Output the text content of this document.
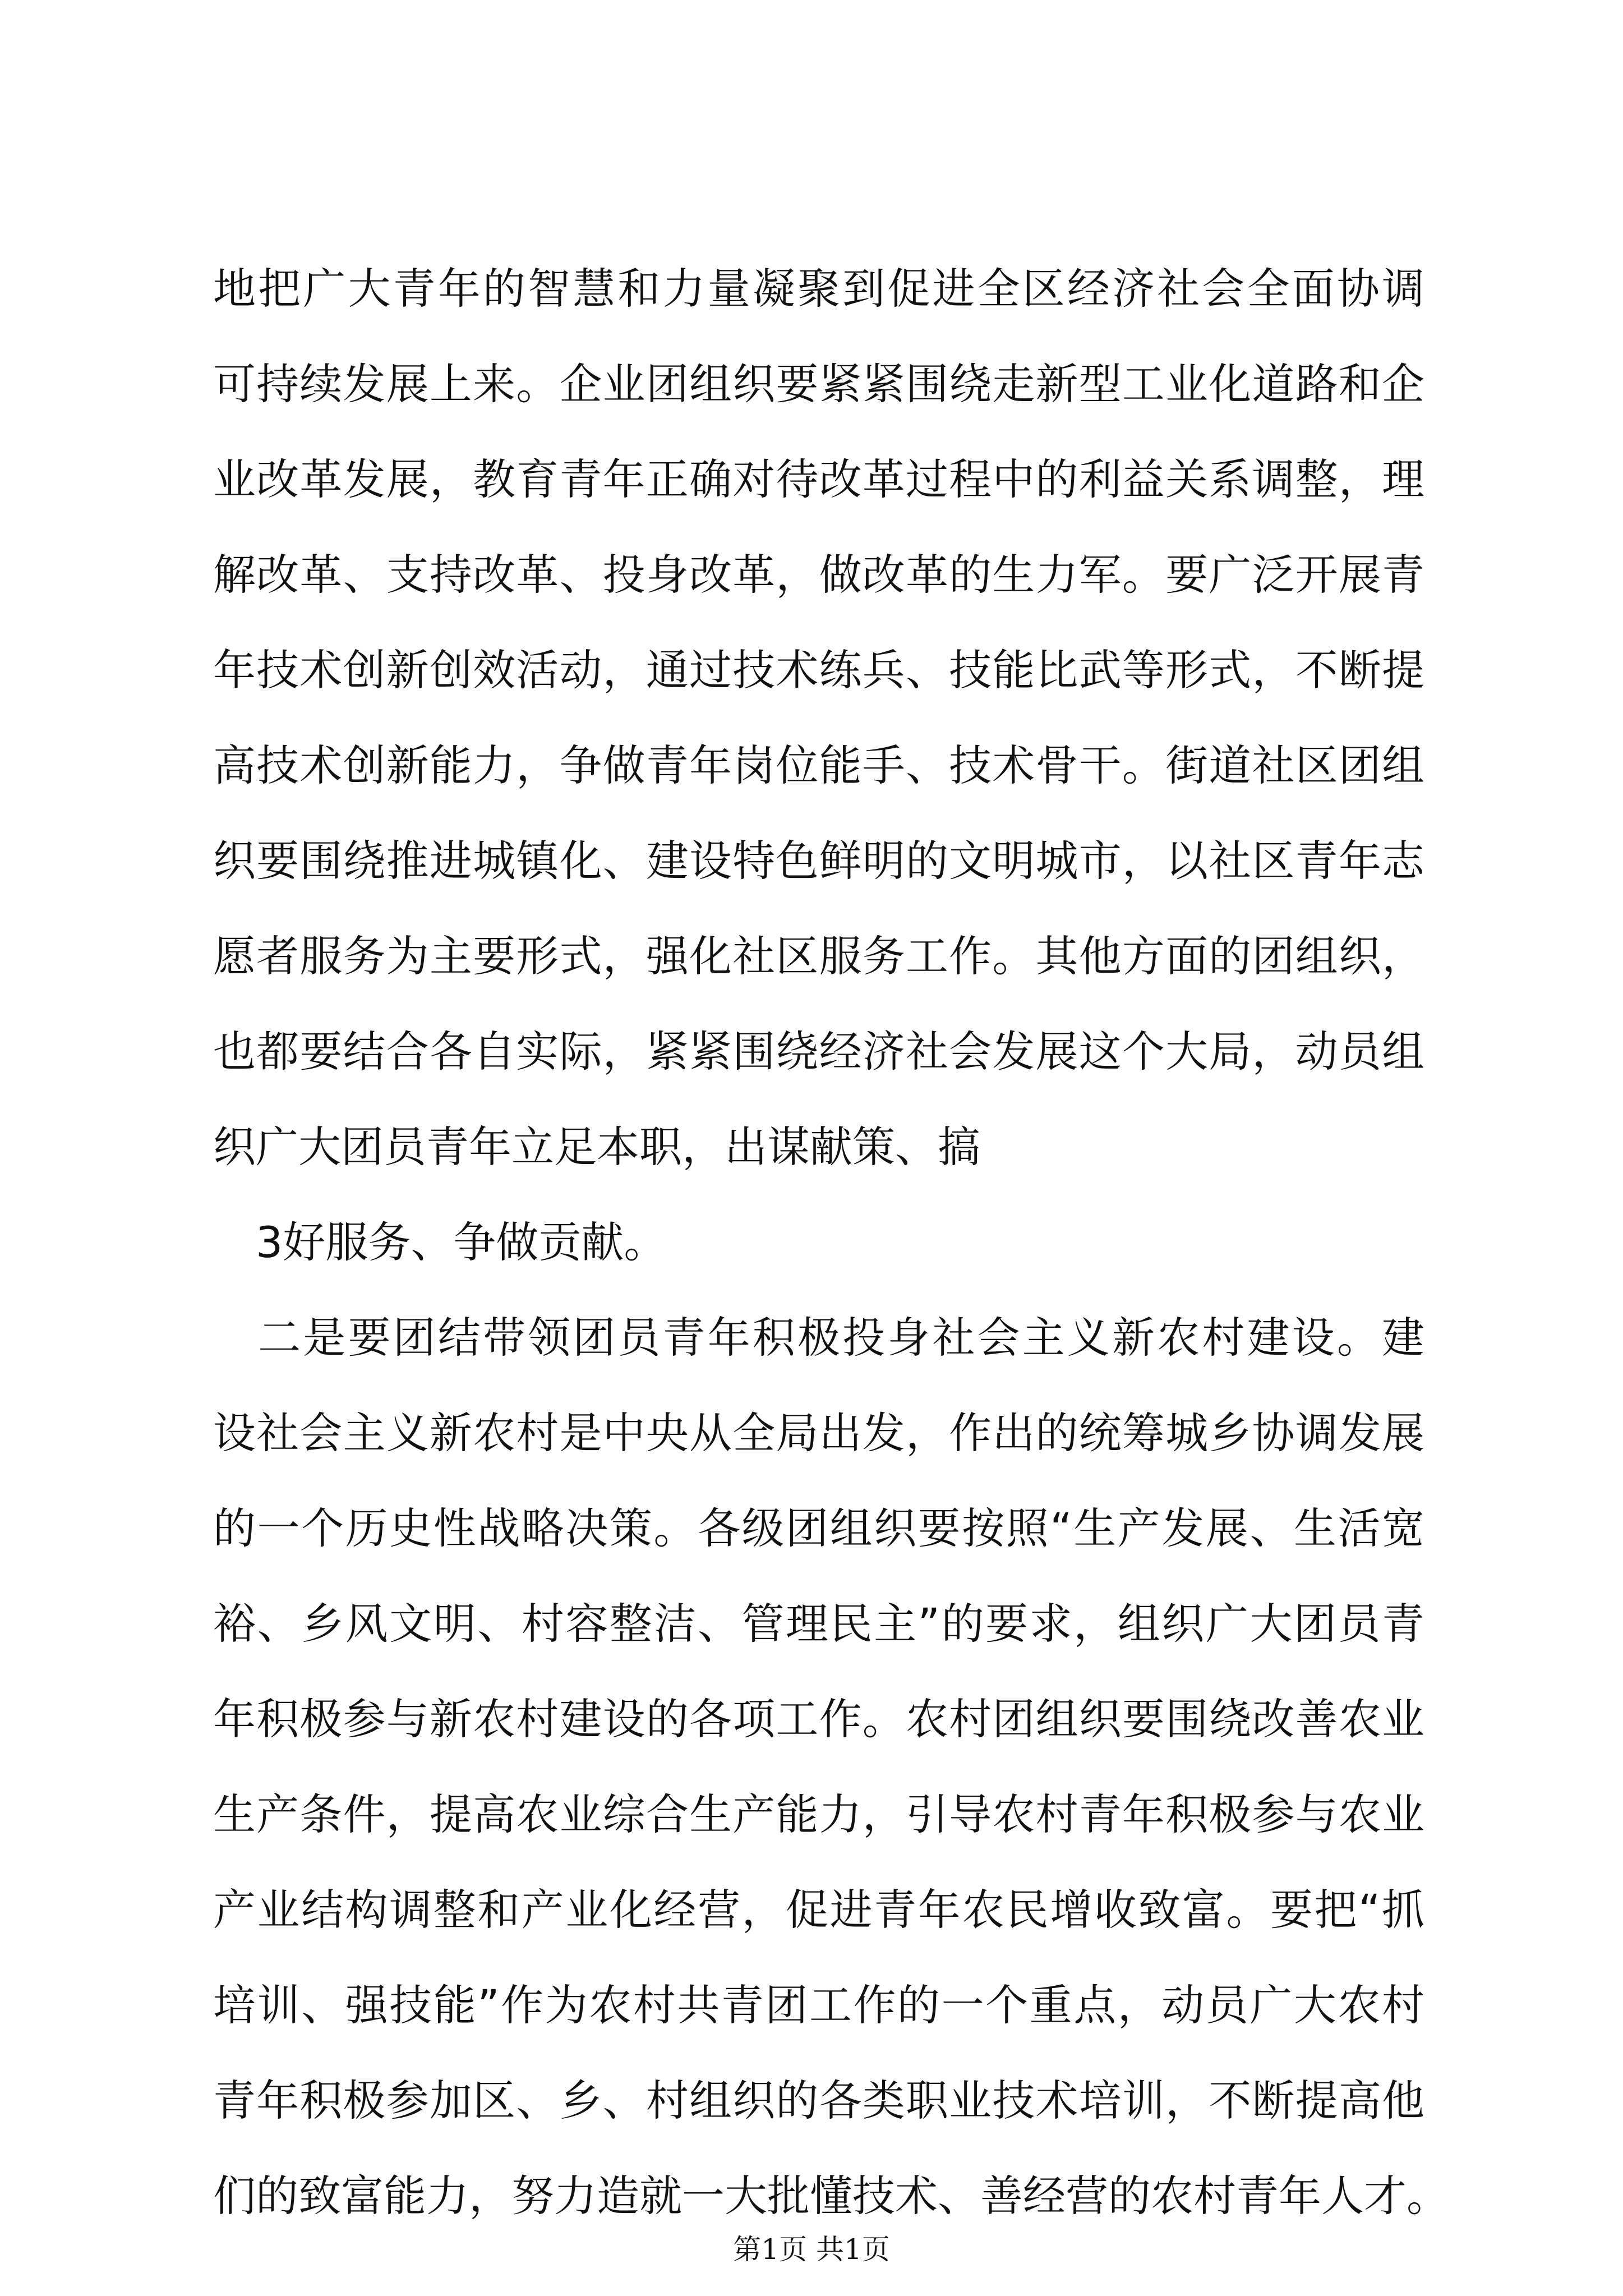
地把广大青年的智慧和力量凝聚到促进全区经济社会全面协调

可持续发展上来。企业团组织要紧紧围绕走新型工业化道路和企

业改革发展，教育青年正确对待改革过程中的利益关系调整，理

解改革、支持改革、投身改革，做改革的生力军。要广泛开展青

年技术创新创效活动，通过技术练兵、技能比武等形式，不断提

高技术创新能力，争做青年岗位能手、技术骨干。街道社区团组

织要围绕推进城镇化、建设特色鲜明的文明城市，以社区青年志

愿者服务为主要形式，强化社区服务工作。其他方面的团组织，

也都要结合各自实际，紧紧围绕经济社会发展这个大局，动员组

织广大团员青年立足本职，出谋献策、搞

　3好服务、争做贡献。

　二是要团结带领团员青年积极投身社会主义新农村建设。建

设社会主义新农村是中央从全局出发，作出的统筹城乡协调发展

的一个历史性战略决策。各级团组织要按照“生产发展、生活宽

裕、乡风文明、村容整洁、管理民主”的要求，组织广大团员青

年积极参与新农村建设的各项工作。农村团组织要围绕改善农业

生产条件，提高农业综合生产能力，引导农村青年积极参与农业

产业结构调整和产业化经营，促进青年农民增收致富。要把“抓

培训、强技能”作为农村共青团工作的一个重点，动员广大农村

青年积极参加区、乡、村组织的各类职业技术培训，不断提高他

们的致富能力，努力造就一大批懂技术、善经营的农村青年人才。

第1页 共1页
